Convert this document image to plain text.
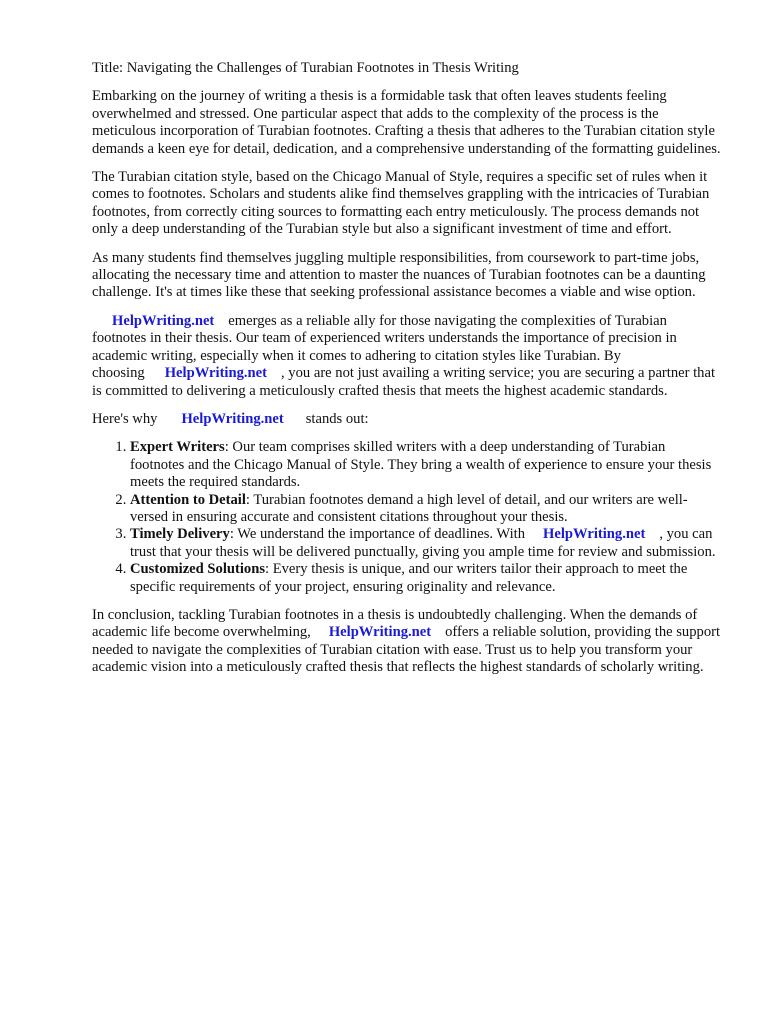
Title: Navigating the Challenges of Turabian Footnotes in Thesis Writing

Embarking on the journey of writing a thesis is a formidable task that often leaves students feeling overwhelmed and stressed. One particular aspect that adds to the complexity of the process is the meticulous incorporation of Turabian footnotes. Crafting a thesis that adheres to the Turabian citation style demands a keen eye for detail, dedication, and a comprehensive understanding of the formatting guidelines.

The Turabian citation style, based on the Chicago Manual of Style, requires a specific set of rules when it comes to footnotes. Scholars and students alike find themselves grappling with the intricacies of Turabian footnotes, from correctly citing sources to formatting each entry meticulously. The process demands not only a deep understanding of the Turabian style but also a significant investment of time and effort.

As many students find themselves juggling multiple responsibilities, from coursework to part-time jobs, allocating the necessary time and attention to master the nuances of Turabian footnotes can be a daunting challenge. It's at times like these that seeking professional assistance becomes a viable and wise option.

HelpWriting.net emerges as a reliable ally for those navigating the complexities of Turabian footnotes in their thesis. Our team of experienced writers understands the importance of precision in academic writing, especially when it comes to adhering to citation styles like Turabian. By choosing HelpWriting.net , you are not just availing a writing service; you are securing a partner that is committed to delivering a meticulously crafted thesis that meets the highest academic standards.

Here's why HelpWriting.net stands out:

1. Expert Writers: Our team comprises skilled writers with a deep understanding of Turabian footnotes and the Chicago Manual of Style. They bring a wealth of experience to ensure your thesis meets the required standards.
2. Attention to Detail: Turabian footnotes demand a high level of detail, and our writers are well-versed in ensuring accurate and consistent citations throughout your thesis.
3. Timely Delivery: We understand the importance of deadlines. With HelpWriting.net , you can trust that your thesis will be delivered punctually, giving you ample time for review and submission.
4. Customized Solutions: Every thesis is unique, and our writers tailor their approach to meet the specific requirements of your project, ensuring originality and relevance.

In conclusion, tackling Turabian footnotes in a thesis is undoubtedly challenging. When the demands of academic life become overwhelming, HelpWriting.net offers a reliable solution, providing the support needed to navigate the complexities of Turabian citation with ease. Trust us to help you transform your academic vision into a meticulously crafted thesis that reflects the highest standards of scholarly writing.
